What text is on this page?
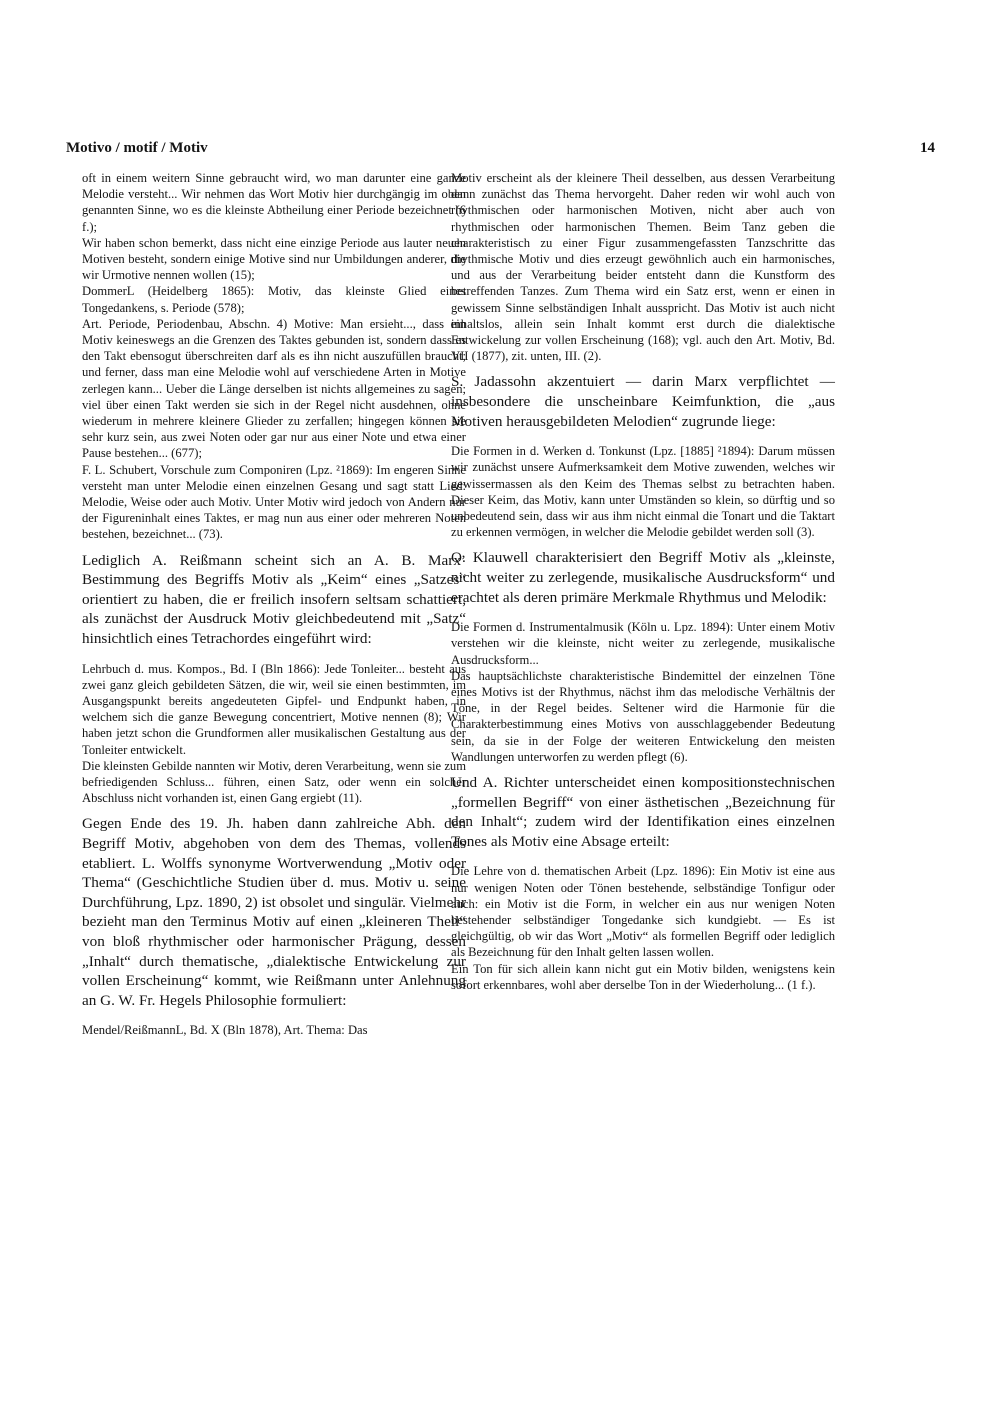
Motivo / motif / Motiv	14

oft in einem weitern Sinne gebraucht wird, wo man darunter eine ganze Melodie versteht... Wir nehmen das Wort Motiv hier durchgängig im oben genannten Sinne, wo es die kleinste Abtheilung einer Periode bezeichnet (6 f.);

Wir haben schon bemerkt, dass nicht eine einzige Periode aus lauter neuen Motiven besteht, sondern einige Motive sind nur Umbildungen anderer, die wir Urmotive nennen wollen (15);

DommerL (Heidelberg 1865): Motiv, das kleinste Glied eines Tongedankens, s. Periode (578);

Art. Periode, Periodenbau, Abschn. 4) Motive: Man ersieht..., dass ein Motiv keineswegs an die Grenzen des Taktes gebunden ist, sondern dass es den Takt ebensogut überschreiten darf als es ihn nicht auszufüllen braucht; und ferner, dass man eine Melodie wohl auf verschiedene Arten in Motive zerlegen kann... Ueber die Länge derselben ist nichts allgemeines zu sagen; viel über einen Takt werden sie sich in der Regel nicht ausdehnen, ohne wiederum in mehrere kleinere Glieder zu zerfallen; hingegen können sie sehr kurz sein, aus zwei Noten oder gar nur aus einer Note und etwa einer Pause bestehen... (677);

F. L. Schubert, Vorschule zum Componiren (Lpz. ²1869): Im engeren Sinne versteht man unter Melodie einen einzelnen Gesang und sagt statt Lied: Melodie, Weise oder auch Motiv. Unter Motiv wird jedoch von Andern nur der Figureninhalt eines Taktes, er mag nun aus einer oder mehreren Noten bestehen, bezeichnet... (73).

Lediglich A. Reißmann scheint sich an A. B. Marx’ Bestimmung des Begriffs Motiv als „Keim“ eines „Satzes“ orientiert zu haben, die er freilich insofern seltsam schattiert, als zunächst der Ausdruck Motiv gleichbedeutend mit „Satz“ hinsichtlich eines Tetrachordes eingeführt wird:

Lehrbuch d. mus. Kompos., Bd. I (Bln 1866): Jede Tonleiter... besteht aus zwei ganz gleich gebildeten Sätzen, die wir, weil sie einen bestimmten, im Ausgangspunkt bereits angedeuteten Gipfel- und Endpunkt haben, in welchem sich die ganze Bewegung concentriert, Motive nennen (8); Wir haben jetzt schon die Grundformen aller musikalischen Gestaltung aus der Tonleiter entwickelt.

Die kleinsten Gebilde nannten wir Motiv, deren Verarbeitung, wenn sie zum befriedigenden Schluss... führen, einen Satz, oder wenn ein solcher Abschluss nicht vorhanden ist, einen Gang ergiebt (11).

Gegen Ende des 19. Jh. haben dann zahlreiche Abh. den Begriff Motiv, abgehoben von dem des Themas, vollends etabliert. L. Wolffs synonyme Wortverwendung „Motiv oder Thema“ (Geschichtliche Studien über d. mus. Motiv u. seine Durchführung, Lpz. 1890, 2) ist obsolet und singulär. Vielmehr bezieht man den Terminus Motiv auf einen „kleineren Theil“ von bloß rhythmischer oder harmonischer Prägung, dessen „Inhalt“ durch thematische, „dialektische Entwickelung zur vollen Erscheinung“ kommt, wie Reißmann unter Anlehnung an G. W. Fr. Hegels Philosophie formuliert:

Mendel/ReißmannL, Bd. X (Bln 1878), Art. Thema: Das

Motiv erscheint als der kleinere Theil desselben, aus dessen Verarbeitung dann zunächst das Thema hervorgeht. Daher reden wir wohl auch von rhythmischen oder harmonischen Motiven, nicht aber auch von rhythmischen oder harmonischen Themen. Beim Tanz geben die charakteristisch zu einer Figur zusammengefassten Tanzschritte das rhythmische Motiv und dies erzeugt gewöhnlich auch ein harmonisches, und aus der Verarbeitung beider entsteht dann die Kunstform des betreffenden Tanzes. Zum Thema wird ein Satz erst, wenn er einen in gewissem Sinne selbständigen Inhalt ausspricht. Das Motiv ist auch nicht inhaltslos, allein sein Inhalt kommt erst durch die dialektische Entwickelung zur vollen Erscheinung (168); vgl. auch den Art. Motiv, Bd. VII (1877), zit. unten, III. (2).

S. Jadassohn akzentuiert — darin Marx verpflichtet — insbesondere die unscheinbare Keimfunktion, die „aus Motiven herausgebildeten Melodien“ zugrunde liege:

Die Formen in d. Werken d. Tonkunst (Lpz. [1885] ²1894): Darum müssen wir zunächst unsere Aufmerksamkeit dem Motive zuwenden, welches wir gewissermassen als den Keim des Themas selbst zu betrachten haben. Dieser Keim, das Motiv, kann unter Umständen so klein, so dürftig und so unbedeutend sein, dass wir aus ihm nicht einmal die Tonart und die Taktart zu erkennen vermögen, in welcher die Melodie gebildet werden soll (3).

O. Klauwell charakterisiert den Begriff Motiv als „kleinste, nicht weiter zu zerlegende, musikalische Ausdrucksform“ und erachtet als deren primäre Merkmale Rhythmus und Melodik:

Die Formen d. Instrumentalmusik (Köln u. Lpz. 1894): Unter einem Motiv verstehen wir die kleinste, nicht weiter zu zerlegende, musikalische Ausdrucksform...

Das hauptsächlichste charakteristische Bindemittel der einzelnen Töne eines Motivs ist der Rhythmus, nächst ihm das melodische Verhältnis der Töne, in der Regel beides. Seltener wird die Harmonie für die Charakterbestimmung eines Motivs von ausschlaggebender Bedeutung sein, da sie in der Folge der weiteren Entwickelung den meisten Wandlungen unterworfen zu werden pflegt (6).

Und A. Richter unterscheidet einen kompositionstechnischen „formellen Begriff“ von einer ästhetischen „Bezeichnung für den Inhalt“; zudem wird der Identifikation eines einzelnen Tones als Motiv eine Absage erteilt:

Die Lehre von d. thematischen Arbeit (Lpz. 1896): Ein Motiv ist eine aus nur wenigen Noten oder Tönen bestehende, selbständige Tonfigur oder auch: ein Motiv ist die Form, in welcher ein aus nur wenigen Noten bestehender selbständiger Tongedanke sich kundgiebt. — Es ist gleichgültig, ob wir das Wort „Motiv“ als formellen Begriff oder lediglich als Bezeichnung für den Inhalt gelten lassen wollen.

Ein Ton für sich allein kann nicht gut ein Motiv bilden, wenigstens kein sofort erkennbares, wohl aber derselbe Ton in der Wiederholung... (1 f.).
